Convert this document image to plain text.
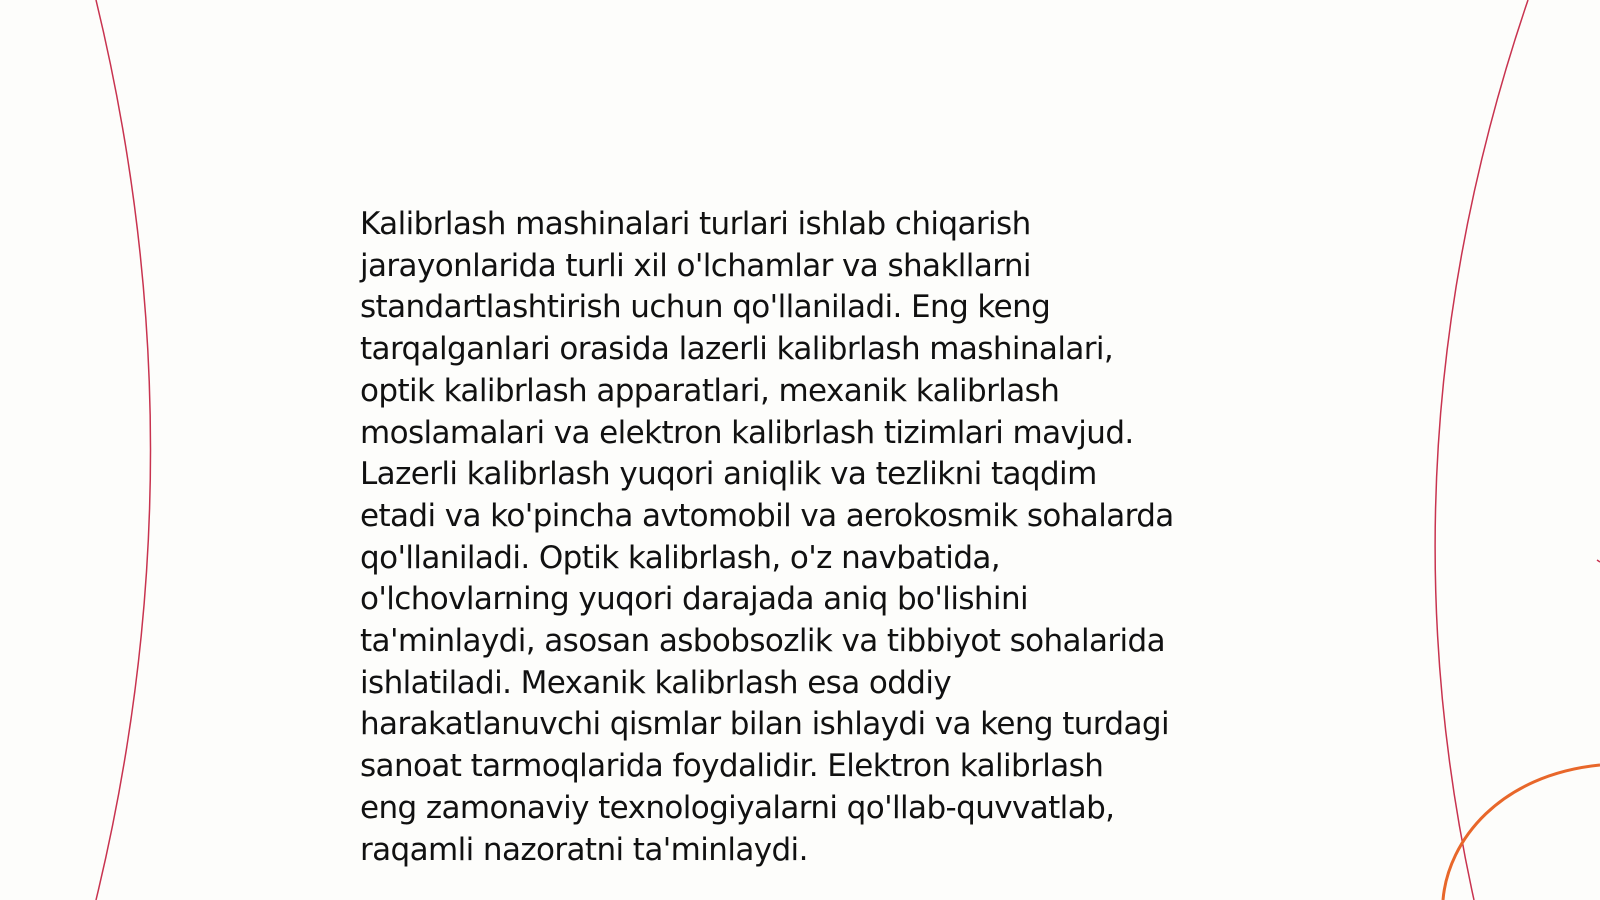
Kalibrlash mashinalari turlari ishlab chiqarish
jarayonlarida turli xil o'lchamlar va shakllarni
standartlashtirish uchun qo'llaniladi. Eng keng
tarqalganlari orasida lazerli kalibrlash mashinalari,
optik kalibrlash apparatlari, mexanik kalibrlash
moslamalari va elektron kalibrlash tizimlari mavjud.
Lazerli kalibrlash yuqori aniqlik va tezlikni taqdim
etadi va ko'pincha avtomobil va aerokosmik sohalarda
qo'llaniladi. Optik kalibrlash, o'z navbatida,
o'lchovlarning yuqori darajada aniq bo'lishini
ta'minlaydi, asosan asbobsozlik va tibbiyot sohalarida
ishlatiladi. Mexanik kalibrlash esa oddiy
harakatlanuvchi qismlar bilan ishlaydi va keng turdagi
sanoat tarmoqlarida foydalidir. Elektron kalibrlash
eng zamonaviy texnologiyalarni qo'llab-quvvatlab,
raqamli nazoratni ta'minlaydi.
